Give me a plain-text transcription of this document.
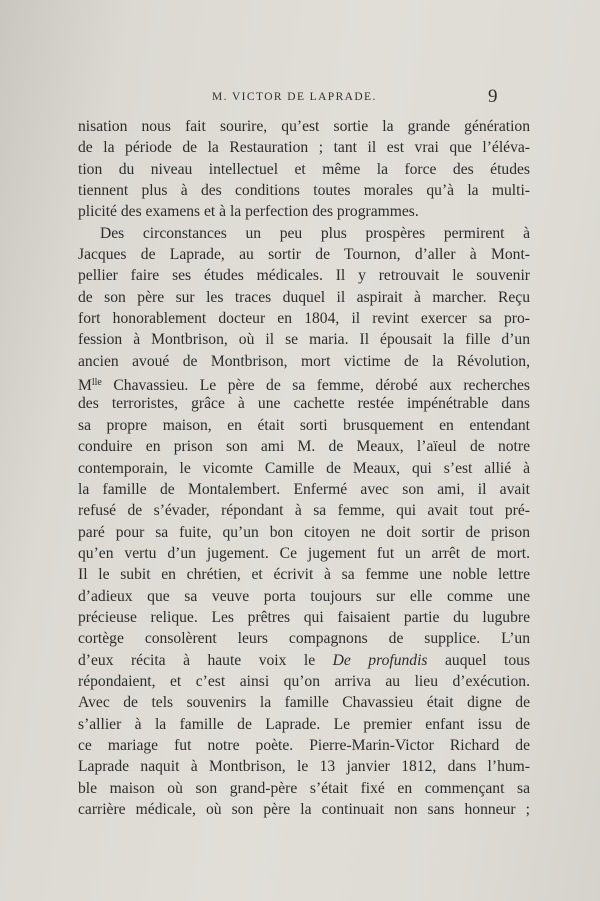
M. VICTOR DE LAPRADE.	9
nisation nous fait sourire, qu’est sortie la grande génération
de la période de la Restauration ; tant il est vrai que l’éléva-
tion du niveau intellectuel et même la force des études
tiennent plus à des conditions toutes morales qu’à la multi-
plicité des examens et à la perfection des programmes.
Des circonstances un peu plus prospères permirent à
Jacques de Laprade, au sortir de Tournon, d’aller à Mont-
pellier faire ses études médicales. Il y retrouvait le souvenir
de son père sur les traces duquel il aspirait à marcher. Reçu
fort honorablement docteur en 1804, il revint exercer sa pro-
fession à Montbrison, où il se maria. Il épousait la fille d’un
ancien avoué de Montbrison, mort victime de la Révolution,
$M^{lle}$ Chavassieu. Le père de sa femme, dérobé aux recherches
des terroristes, grâce à une cachette restée impénétrable dans
sa propre maison, en était sorti brusquement en entendant
conduire en prison son ami M. de Meaux, l’aïeul de notre
contemporain, le vicomte Camille de Meaux, qui s’est allié à
la famille de Montalembert. Enfermé avec son ami, il avait
refusé de s’évader, répondant à sa femme, qui avait tout pré-
paré pour sa fuite, qu’un bon citoyen ne doit sortir de prison
qu’en vertu d’un jugement. Ce jugement fut un arrêt de mort.
Il le subit en chrétien, et écrivit à sa femme une noble lettre
d’adieux que sa veuve porta toujours sur elle comme une
précieuse relique. Les prêtres qui faisaient partie du lugubre
cortège consolèrent leurs compagnons de supplice. L’un
d’eux récita à haute voix le De profundis auquel tous
répondaient, et c’est ainsi qu’on arriva au lieu d’exécution.
Avec de tels souvenirs la famille Chavassieu était digne de
s’allier à la famille de Laprade. Le premier enfant issu de
ce mariage fut notre poète. Pierre-Marin-Victor Richard de
Laprade naquit à Montbrison, le 13 janvier 1812, dans l’hum-
ble maison où son grand-père s’était fixé en commençant sa
carrière médicale, où son père la continuait non sans honneur ;
